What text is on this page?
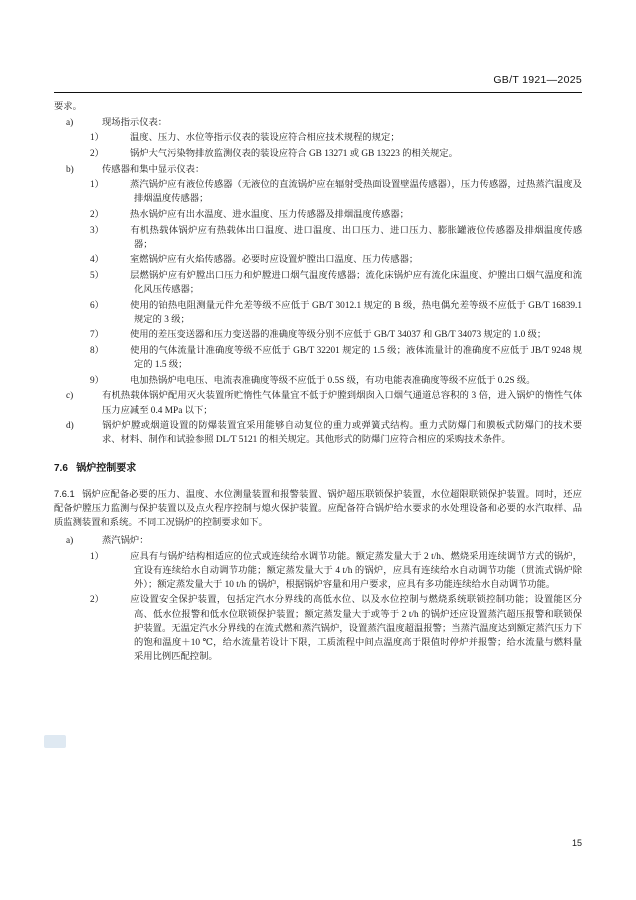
GB/T 1921—2025

要求。

a)	现场指示仪表：

1）	温度、压力、水位等指示仪表的装设应符合相应技术规程的规定；

2）	锅炉大气污染物排放监测仪表的装设应符合 GB 13271 或 GB 13223 的相关规定。

b)	传感器和集中显示仪表：

1）	蒸汽锅炉应有液位传感器（无液位的直流锅炉应在辐射受热面设置壁温传感器），压力传感器，过热蒸汽温度及排烟温度传感器；

2）	热水锅炉应有出水温度、进水温度、压力传感器及排烟温度传感器；

3）	有机热载体锅炉应有热载体出口温度、进口温度、出口压力、进口压力、膨胀罐液位传感器及排烟温度传感器；

4）	室燃锅炉应有火焰传感器。必要时应设置炉膛出口温度、压力传感器；

5）	层燃锅炉应有炉膛出口压力和炉膛进口烟气温度传感器；流化床锅炉应有流化床温度、炉膛出口烟气温度和流化风压传感器；

6）	使用的铂热电阻测量元件允差等级不应低于 GB/T 3012.1 规定的 B 级，热电偶允差等级不应低于 GB/T 16839.1 规定的 3 级；

7）	使用的差压变送器和压力变送器的准确度等级分别不应低于 GB/T 34037 和 GB/T 34073 规定的 1.0 级；

8）	使用的气体流量计准确度等级不应低于 GB/T 32201 规定的 1.5 级；液体流量计的准确度不应低于 JB/T 9248 规定的 1.5 级；

9）	电加热锅炉电电压、电流表准确度等级不应低于 0.5S 级，有功电能表准确度等级不应低于 0.2S 级。

c)	有机热载体锅炉配用灭火装置所贮惰性气体量宜不低于炉膛到烟囱入口烟气通道总容积的 3 倍，进入锅炉的惰性气体压力应减至 0.4 MPa 以下；

d)	锅炉炉膛或烟道设置的防爆装置宜采用能够自动复位的重力或弹簧式结构。重力式防爆门和膜板式防爆门的技术要求、材料、制作和试验参照 DL/T 5121 的相关规定。其他形式的防爆门应符合相应的采购技术条件。

7.6 锅炉控制要求

7.6.1 锅炉应配备必要的压力、温度、水位测量装置和报警装置、锅炉超压联锁保护装置，水位超限联锁保护装置。同时，还应配备炉膛压力监测与保护装置以及点火程序控制与熄火保护装置。应配备符合锅炉给水要求的水处理设备和必要的水汽取样、品质监测装置和系统。不同工况锅炉的控制要求如下。

a)	蒸汽锅炉：

1）	应具有与锅炉结构相适应的位式或连续给水调节功能。额定蒸发量大于 2 t/h、燃烧采用连续调节方式的锅炉，宜设有连续给水自动调节功能；额定蒸发量大于 4 t/h 的锅炉，应具有连续给水自动调节功能（贯流式锅炉除外）；额定蒸发量大于 10 t/h 的锅炉，根据锅炉容量和用户要求，应具有多功能连续给水自动调节功能。

2）	应设置安全保护装置，包括定汽水分界线的高低水位、以及水位控制与燃烧系统联锁控制功能；设置能区分高、低水位报警和低水位联锁保护装置；额定蒸发量大于或等于 2 t/h 的锅炉还应设置蒸汽超压报警和联锁保护装置。无温定汽水分界线的在流式燃和蒸汽锅炉，设置蒸汽温度超温报警；当蒸汽温度达到额定蒸汽压力下的饱和温度＋10 ℃，给水流量若设计下限，工质流程中间点温度高于限值时停炉并报警；给水流量与燃料量采用比例匹配控制。

15
